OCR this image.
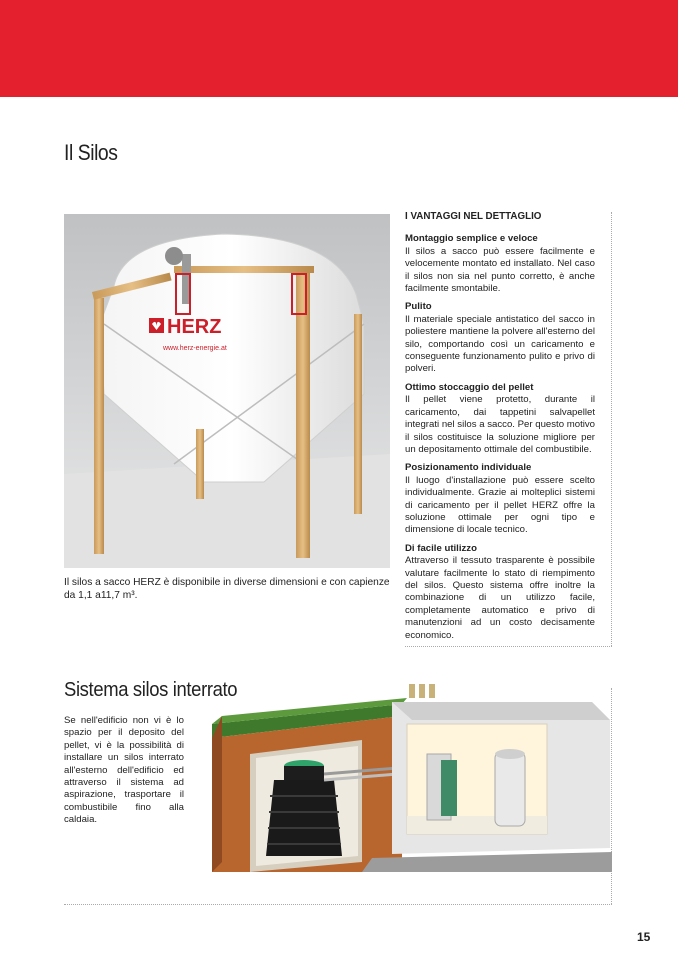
Il Silos
HERZ
www.herz-energie.at
Il silos a sacco HERZ è disponibile in diverse dimensioni e con capienze da 1,1 a11,7 m³.
I VANTAGGI NEL DETTAGLIO
Montaggio semplice e veloce
Il silos a sacco può essere facilmente e velocemente montato ed installato. Nel caso il silos non sia nel punto corretto, è anche facilmente smontabile.
Pulito
Il materiale speciale antistatico del sacco in poliestere mantiene la polvere all'esterno del silo, comportando così un caricamento e conseguente funzionamento pulito e privo di polveri.
Ottimo stoccaggio del pellet
Il pellet viene protetto, durante il caricamento, dai tappetini salvapellet integrati nel silos a sacco. Per questo motivo il silos costituisce la soluzione migliore per un depositamento ottimale del combustibile.
Posizionamento individuale
Il luogo d'installazione può essere scelto individualmente. Grazie ai molteplici sistemi di caricamento per il pellet HERZ offre la soluzione ottimale per ogni tipo e dimensione di locale tecnico.
Di facile utilizzo
Attraverso il tessuto trasparente è possibile valutare facilmente lo stato di riempimento del silos. Questo sistema offre inoltre la combinazione di un utilizzo facile, completamente automatico e privo di manutenzioni ad un costo decisamente economico.
Sistema silos interrato
Se nell'edificio non vi è lo spazio per il deposito del pellet, vi è la possibilità di installare un silos interrato all'esterno dell'edificio ed attraverso il sistema ad aspirazione, trasportare il combustibile fino alla caldaia.
15
